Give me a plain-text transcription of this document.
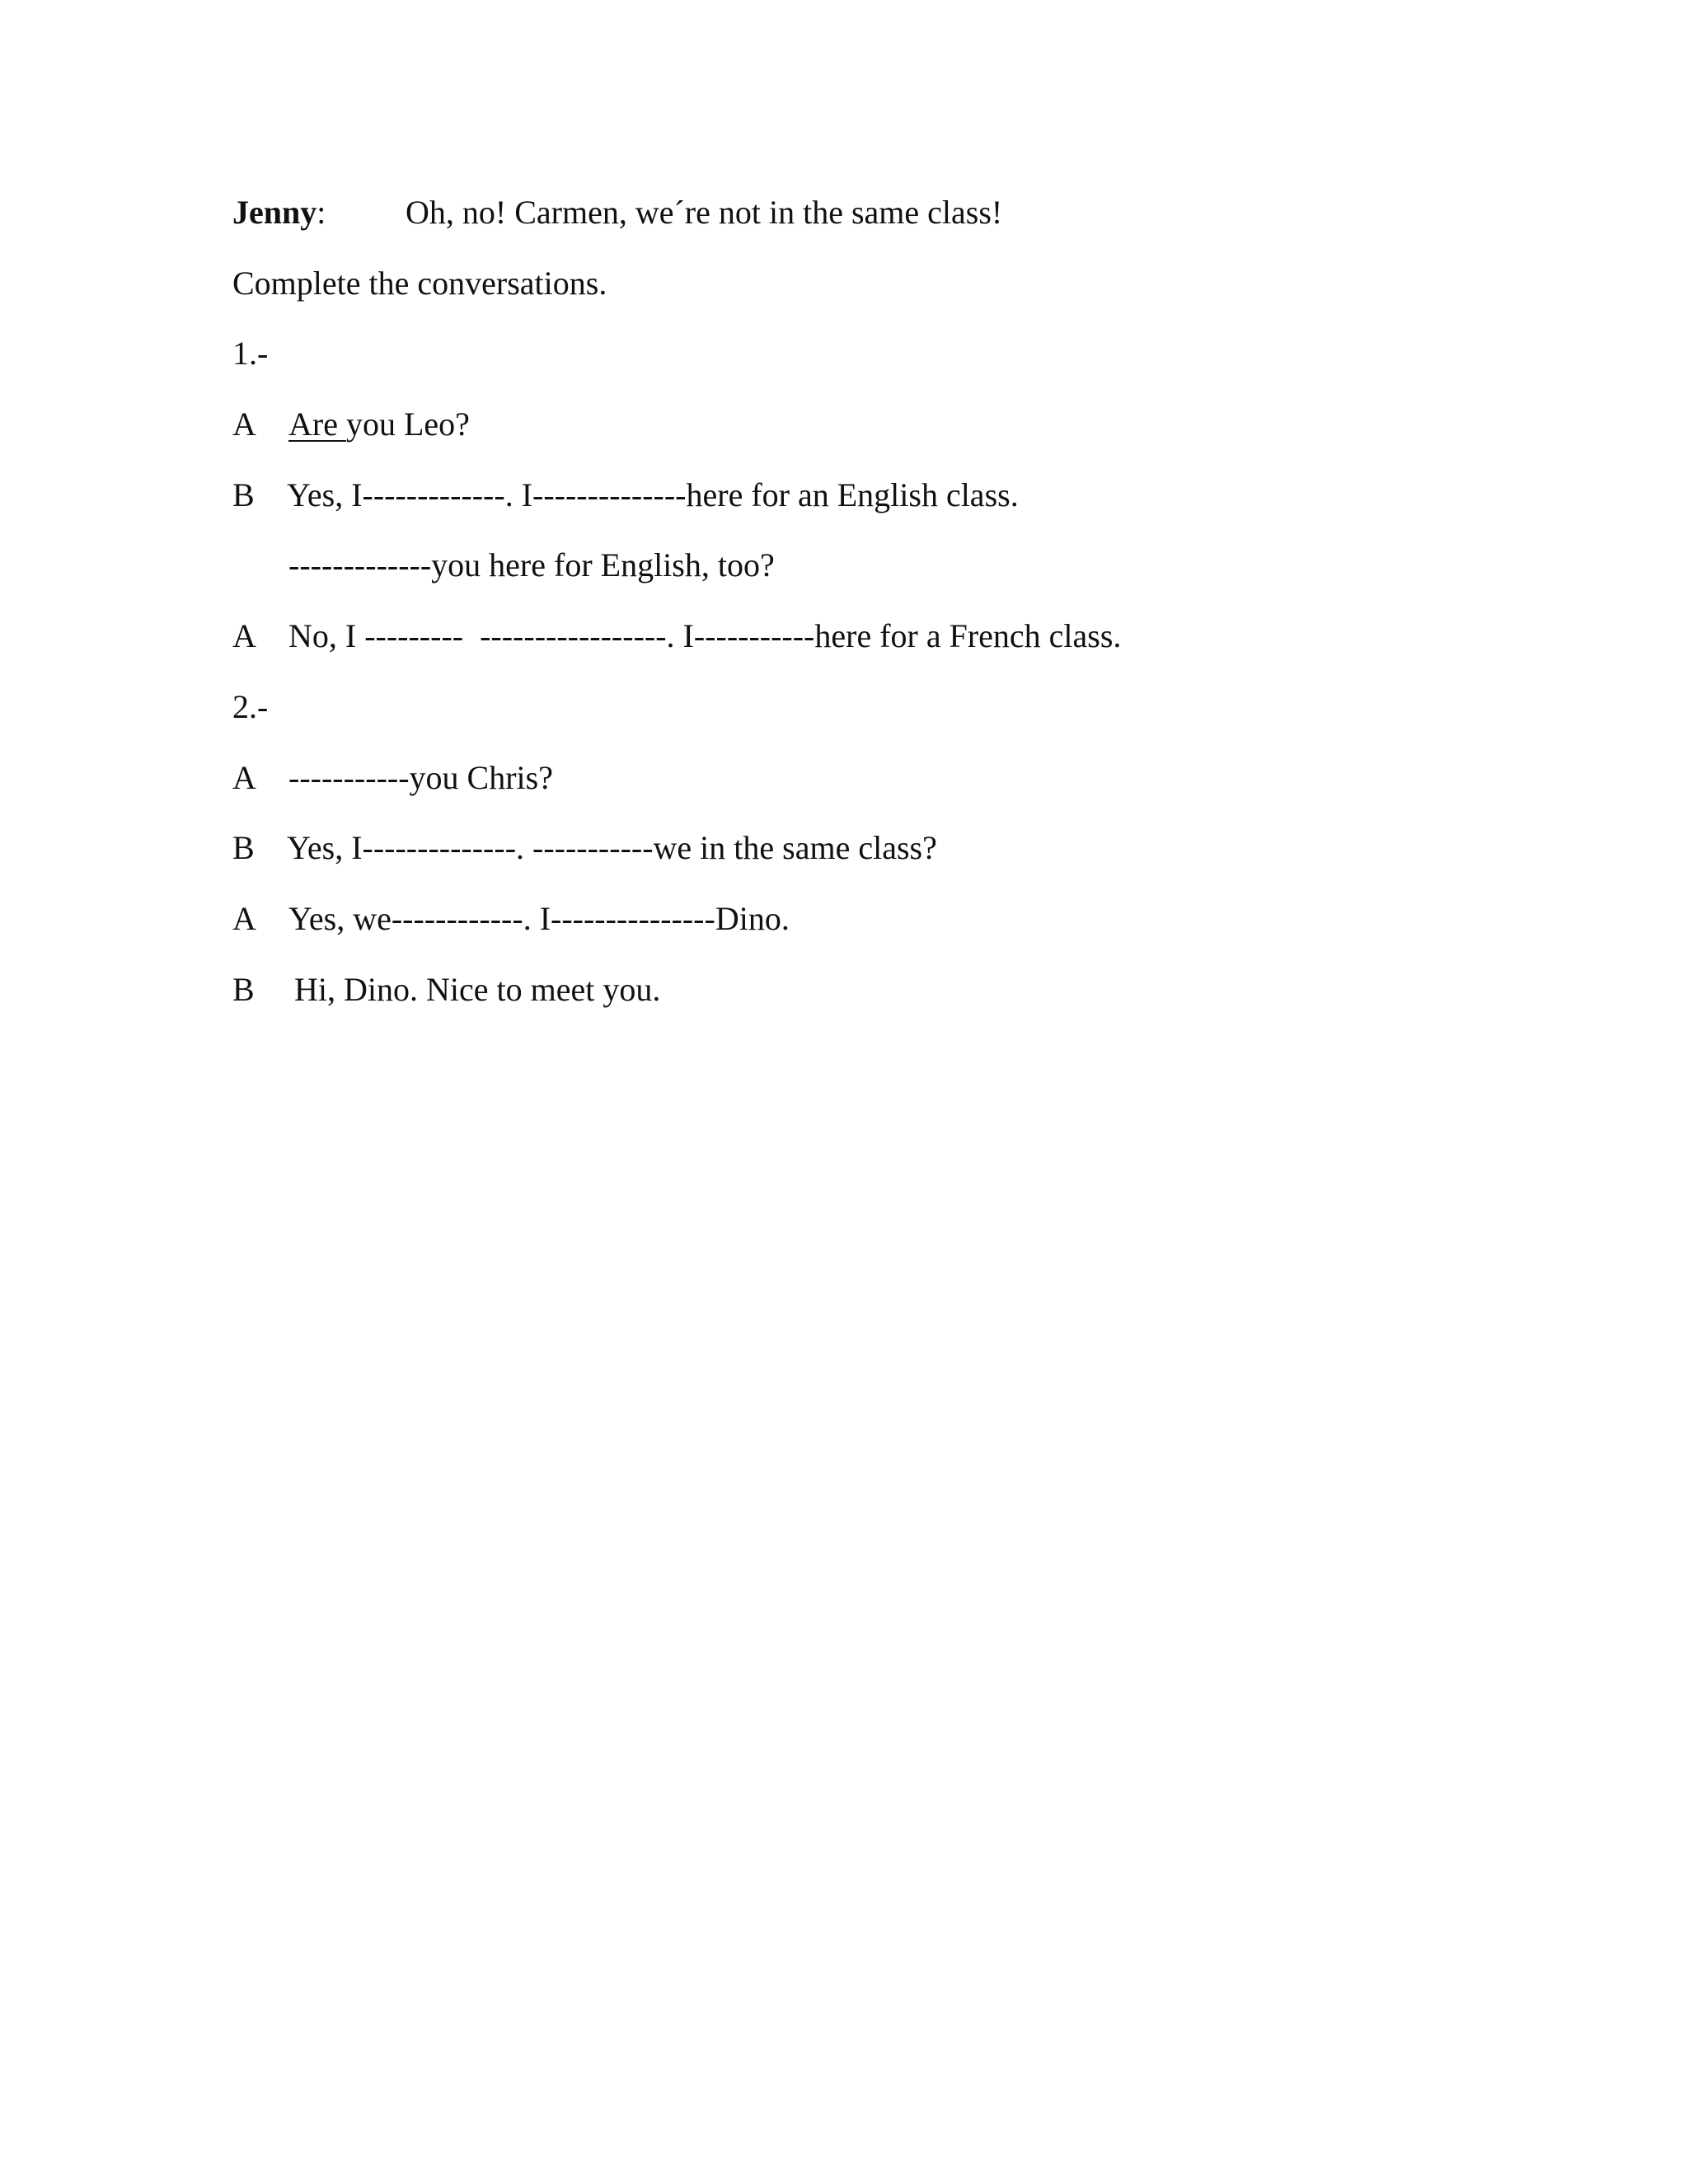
Jenny:

Oh, no! Carmen, we´re not in the same class!

Complete the conversations.
1.-

A

Are you Leo?

B

Yes, I-------------. I--------------here for an English class.

-------------you here for English, too?

A

No, I ---------  -----------------. I-----------here for a French class.

2.-

A

-----------you Chris?

B

Yes, I--------------. -----------we in the same class?

A

Yes, we------------. I---------------Dino.

B

Hi, Dino. Nice to meet you.
